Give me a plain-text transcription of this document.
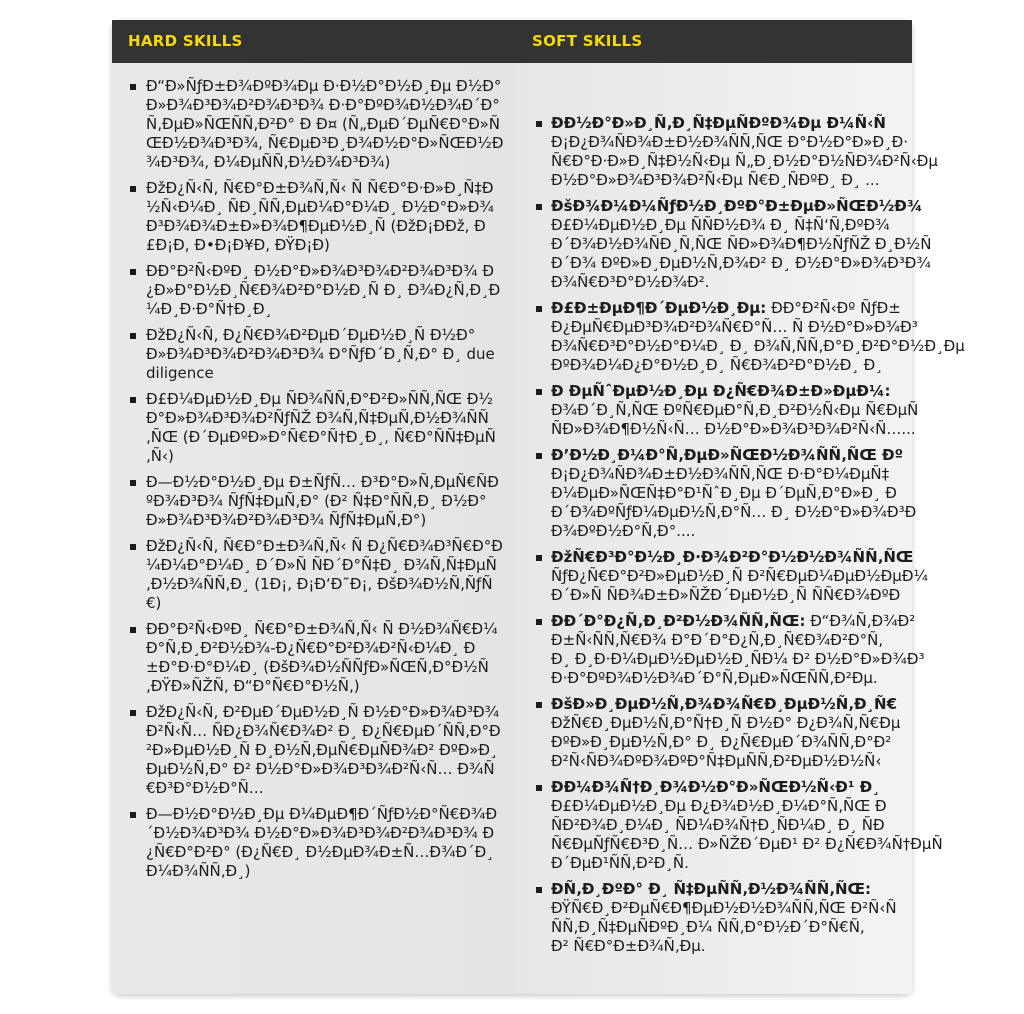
HARD SKILLS	SOFT SKILLS
Ð“Ð»ÑƒÐ±Ð¾ÐºÐ¾Ðµ Ð·Ð½Ð°Ð½Ð¸Ðµ Ð½Ð°Ð»Ð¾Ð³Ð¾Ð²Ð¾Ð³Ð¾ Ð·Ð°ÐºÐ¾Ð½Ð¾Ð´Ð°Ñ‚ÐµÐ»ÑŒÑÑ‚Ð²Ð° Ð Ð¤ (Ñ„ÐµÐ´ÐµÑ€Ð°Ð»ÑŒÐ½Ð¾Ð³Ð¾, Ñ€ÐµÐ³Ð¸Ð¾Ð½Ð°Ð»ÑŒÐ½Ð¾Ð³Ð¾, Ð¼ÐµÑÑ‚Ð½Ð¾Ð³Ð¾)
ÐžÐ¿Ñ‹Ñ‚ Ñ€Ð°Ð±Ð¾Ñ‚Ñ‹ Ñ Ñ€Ð°Ð·Ð»Ð¸Ñ‡Ð½Ñ‹Ð¼Ð¸ ÑÐ¸ÑÑ‚ÐµÐ¼Ð°Ð¼Ð¸ Ð½Ð°Ð»Ð¾Ð³Ð¾Ð¾Ð±Ð»Ð¾Ð¶ÐµÐ½Ð¸Ñ (ÐžÐ¡ÐÐž, Ð£Ð¡Ð, Ð•Ð¡Ð¥Ð, ÐŸÐ¡Ð)
ÐÐ°Ð²Ñ‹ÐºÐ¸ Ð½Ð°Ð»Ð¾Ð³Ð¾Ð²Ð¾Ð³Ð¾ Ð¿Ð»Ð°Ð½Ð¸Ñ€Ð¾Ð²Ð°Ð½Ð¸Ñ Ð¸ Ð¾Ð¿Ñ‚Ð¸Ð¼Ð¸Ð·Ð°Ñ†Ð¸Ð¸
ÐžÐ¿Ñ‹Ñ‚ Ð¿Ñ€Ð¾Ð²ÐµÐ´ÐµÐ½Ð¸Ñ Ð½Ð°Ð»Ð¾Ð³Ð¾Ð²Ð¾Ð³Ð¾ Ð°ÑƒÐ´Ð¸Ñ‚Ð° Ð¸ due diligence
Ð£Ð¼ÐµÐ½Ð¸Ðµ ÑÐ¾ÑÑ‚Ð°Ð²Ð»ÑÑ‚ÑŒ Ð½Ð°Ð»Ð¾Ð³Ð¾Ð²ÑƒÑŽ Ð¾Ñ‚Ñ‡ÐµÑ‚Ð½Ð¾ÑÑ‚ÑŒ (Ð´ÐµÐºÐ»Ð°Ñ€Ð°Ñ†Ð¸Ð¸, Ñ€Ð°ÑÑ‡ÐµÑ‚Ñ‹)
Ð—Ð½Ð°Ð½Ð¸Ðµ Ð±ÑƒÑ… Ð³Ð°Ð»Ñ‚ÐµÑ€ÑÐºÐ¾Ð³Ð¾ ÑƒÑ‡ÐµÑ‚Ð° (Ð² Ñ‡Ð°ÑÑ‚Ð¸ Ð½Ð°Ð»Ð¾Ð³Ð¾Ð²Ð¾Ð³Ð¾ ÑƒÑ‡ÐµÑ‚Ð°)
ÐžÐ¿Ñ‹Ñ‚ Ñ€Ð°Ð±Ð¾Ñ‚Ñ‹ Ñ Ð¿Ñ€Ð¾Ð³Ñ€Ð°Ð¼Ð¼Ð°Ð¼Ð¸ Ð´Ð»Ñ ÑÐ´Ð°Ñ‡Ð¸ Ð¾Ñ‚Ñ‡ÐµÑ‚Ð½Ð¾ÑÑ‚Ð¸ (1Ð¡, Ð¡Ð‘Ð˜Ð¡, ÐšÐ¾Ð½Ñ‚ÑƒÑ€)
ÐÐ°Ð²Ñ‹ÐºÐ¸ Ñ€Ð°Ð±Ð¾Ñ‚Ñ‹ Ñ Ð½Ð¾Ñ€Ð¼Ð°Ñ‚Ð¸Ð²Ð½Ð¾-Ð¿Ñ€Ð°Ð²Ð¾Ð²Ñ‹Ð¼Ð¸ Ð±Ð°Ð·Ð°Ð¼Ð¸ (ÐšÐ¾Ð½ÑÑƒÐ»ÑŒÑ‚Ð°Ð½Ñ‚ÐŸÐ»ÑŽÑ, Ð“Ð°Ñ€Ð°Ð½Ñ‚)
ÐžÐ¿Ñ‹Ñ‚ Ð²ÐµÐ´ÐµÐ½Ð¸Ñ Ð½Ð°Ð»Ð¾Ð³Ð¾Ð²Ñ‹Ñ… ÑÐ¿Ð¾Ñ€Ð¾Ð² Ð¸ Ð¿Ñ€ÐµÐ´ÑÑ‚Ð°Ð²Ð»ÐµÐ½Ð¸Ñ Ð¸Ð½Ñ‚ÐµÑ€ÐµÑÐ¾Ð² ÐºÐ»Ð¸ÐµÐ½Ñ‚Ð° Ð² Ð½Ð°Ð»Ð¾Ð³Ð¾Ð²Ñ‹Ñ… Ð¾Ñ€Ð³Ð°Ð½Ð°Ñ…
Ð—Ð½Ð°Ð½Ð¸Ðµ Ð¼ÐµÐ¶Ð´ÑƒÐ½Ð°Ñ€Ð¾Ð´Ð½Ð¾Ð³Ð¾ Ð½Ð°Ð»Ð¾Ð³Ð¾Ð²Ð¾Ð³Ð¾ Ð¿Ñ€Ð°Ð²Ð° (Ð¿Ñ€Ð¸ Ð½ÐµÐ¾Ð±Ñ…Ð¾Ð´Ð¸Ð¼Ð¾ÑÑ‚Ð¸)
ÐÐ½Ð°Ð»Ð¸Ñ‚Ð¸Ñ‡ÐµÑÐºÐ¾Ðµ Ð¼Ñ‹Ñ
Ð¡Ð¿Ð¾ÑÐ¾Ð±Ð½Ð¾ÑÑ‚ÑŒ Ð°Ð½Ð°Ð»Ð¸Ð·
Ñ€Ð°Ð·Ð»Ð¸Ñ‡Ð½Ñ‹Ðµ Ñ„Ð¸Ð½Ð°Ð½ÑÐ¾Ð²Ñ‹Ðµ
Ð½Ð°Ð»Ð¾Ð³Ð¾Ð²Ñ‹Ðµ Ñ€Ð¸ÑÐºÐ¸ Ð¸ ...
ÐšÐ¾Ð¼Ð¼ÑƒÐ½Ð¸ÐºÐ°Ð±ÐµÐ»ÑŒÐ½Ð¾
Ð£Ð¼ÐµÐ½Ð¸Ðµ ÑÑÐ½Ð¾ Ð¸ Ñ‡Ñ‘Ñ‚ÐºÐ¾
Ð´Ð¾Ð½Ð¾ÑÐ¸Ñ‚ÑŒ ÑÐ»Ð¾Ð¶Ð½ÑƒÑŽ Ð¸Ð½Ñ
Ð´Ð¾ ÐºÐ»Ð¸ÐµÐ½Ñ‚Ð¾Ð² Ð¸ Ð½Ð°Ð»Ð¾Ð³Ð¾
Ð¾Ñ€Ð³Ð°Ð½Ð¾Ð².
Ð£Ð±ÐµÐ¶Ð´ÐµÐ½Ð¸Ðµ: ÐÐ°Ð²Ñ‹Ðº ÑƒÐ±
Ð¿ÐµÑ€ÐµÐ³Ð¾Ð²Ð¾Ñ€Ð°Ñ… Ñ Ð½Ð°Ð»Ð¾Ð³
Ð¾Ñ€Ð³Ð°Ð½Ð°Ð¼Ð¸ Ð¸ Ð¾Ñ‚ÑÑ‚Ð°Ð¸Ð²Ð°Ð½Ð¸Ðµ
ÐºÐ¾Ð¼Ð¿Ð°Ð½Ð¸Ð¸ Ñ€Ð¾Ð²Ð°Ð½Ð¸ Ð¸
Ð ÐµÑˆÐµÐ½Ð¸Ðµ Ð¿Ñ€Ð¾Ð±Ð»ÐµÐ¼:
Ð¾Ð´Ð¸Ñ‚ÑŒ ÐºÑ€ÐµÐ°Ñ‚Ð¸Ð²Ð½Ñ‹Ðµ Ñ€ÐµÑ
ÑÐ»Ð¾Ð¶Ð½Ñ‹Ñ… Ð½Ð°Ð»Ð¾Ð³Ð¾Ð²Ñ‹Ñ…...
Ð’Ð½Ð¸Ð¼Ð°Ñ‚ÐµÐ»ÑŒÐ½Ð¾ÑÑ‚ÑŒ Ðº
Ð¡Ð¿Ð¾ÑÐ¾Ð±Ð½Ð¾ÑÑ‚ÑŒ Ð·Ð°Ð¼ÐµÑ‡
Ð¼ÐµÐ»ÑŒÑ‡Ð°Ð¹ÑˆÐ¸Ðµ Ð´ÐµÑ‚Ð°Ð»Ð¸ Ð
Ð´Ð¾ÐºÑƒÐ¼ÐµÐ½Ñ‚Ð°Ñ… Ð¸ Ð½Ð°Ð»Ð¾Ð³Ð
Ð¾ÐºÐ½Ð°Ñ‚Ð°....
ÐžÑ€Ð³Ð°Ð½Ð¸Ð·Ð¾Ð²Ð°Ð½Ð½Ð¾ÑÑ‚ÑŒ
ÑƒÐ¿Ñ€Ð°Ð²Ð»ÐµÐ½Ð¸Ñ Ð²Ñ€ÐµÐ¼ÐµÐ½ÐµÐ¼
Ð´Ð»Ñ ÑÐ¾Ð±Ð»ÑŽÐ´ÐµÐ½Ð¸Ñ ÑÑ€Ð¾ÐºÐ
ÐÐ´Ð°Ð¿Ñ‚Ð¸Ð²Ð½Ð¾ÑÑ‚ÑŒ: Ð“Ð¾Ñ‚Ð¾Ð²
Ð±Ñ‹ÑÑ‚Ñ€Ð¾ Ð°Ð´Ð°Ð¿Ñ‚Ð¸Ñ€Ð¾Ð²Ð°Ñ‚
Ð¸ Ð¸Ð·Ð¼ÐµÐ½ÐµÐ½Ð¸ÑÐ¼ Ð² Ð½Ð°Ð»Ð¾Ð³
Ð·Ð°ÐºÐ¾Ð½Ð¾Ð´Ð°Ñ‚ÐµÐ»ÑŒÑÑ‚Ð²Ðµ.
ÐšÐ»Ð¸ÐµÐ½Ñ‚Ð¾Ð¾Ñ€Ð¸ÐµÐ½Ñ‚Ð¸Ñ€
ÐžÑ€Ð¸ÐµÐ½Ñ‚Ð°Ñ†Ð¸Ñ Ð½Ð° Ð¿Ð¾Ñ‚Ñ€Ðµ
ÐºÐ»Ð¸ÐµÐ½Ñ‚Ð° Ð¸ Ð¿Ñ€ÐµÐ´Ð¾ÑÑ‚Ð°Ð²
Ð²Ñ‹ÑÐ¾ÐºÐ¾ÐºÐ°Ñ‡ÐµÑÑ‚Ð²ÐµÐ½Ð½Ñ‹
ÐÐ¼Ð¾Ñ†Ð¸Ð¾Ð½Ð°Ð»ÑŒÐ½Ñ‹Ð¹ Ð¸
Ð£Ð¼ÐµÐ½Ð¸Ðµ Ð¿Ð¾Ð½Ð¸Ð¼Ð°Ñ‚ÑŒ Ð
ÑÐ²Ð¾Ð¸Ð¼Ð¸ ÑÐ¼Ð¾Ñ†Ð¸ÑÐ¼Ð¸ Ð¸ ÑÐ
Ñ€ÐµÑƒÑ€Ð³Ð¸Ñ… Ð»ÑŽÐ´ÐµÐ¹ Ð² Ð¿Ñ€Ð¾Ñ†ÐµÑ
Ð´ÐµÐ¹ÑÑ‚Ð²Ð¸Ñ.
ÐÑ‚Ð¸ÐºÐ° Ð¸ Ñ‡ÐµÑÑ‚Ð½Ð¾ÑÑ‚ÑŒ:
ÐŸÑ€Ð¸Ð²ÐµÑ€Ð¶ÐµÐ½Ð½Ð¾ÑÑ‚ÑŒ Ð²Ñ‹Ñ
ÑÑ‚Ð¸Ñ‡ÐµÑÐºÐ¸Ð¼ ÑÑ‚Ð°Ð½Ð´Ð°Ñ€Ñ‚
Ð² Ñ€Ð°Ð±Ð¾Ñ‚Ðµ.
